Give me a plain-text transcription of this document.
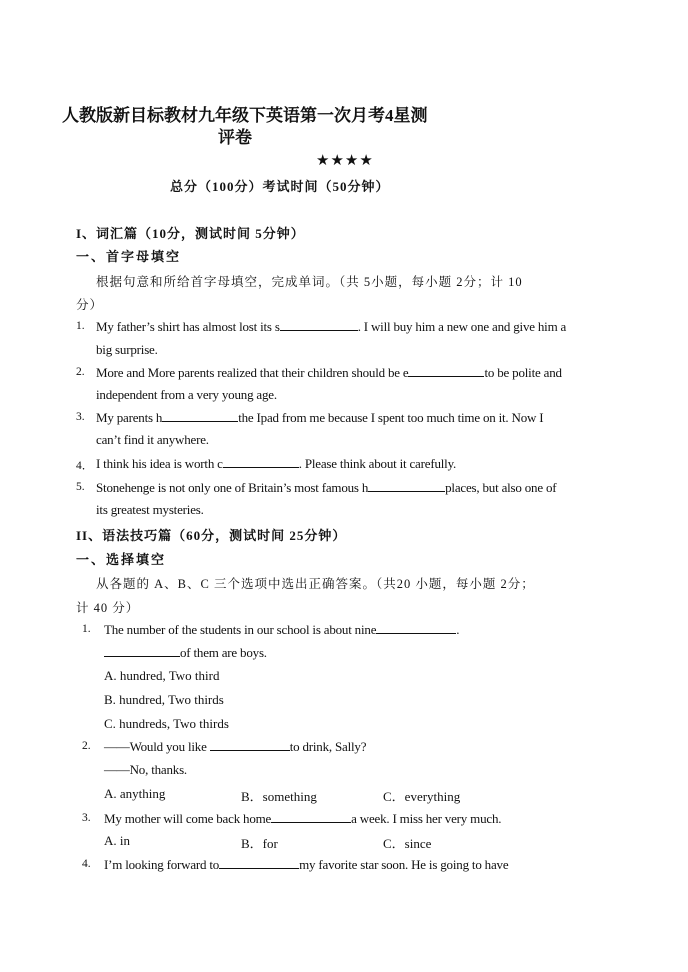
人教版新目标教材九年级下英语第一次月考4星测
评卷
★★★★
总分（100分）考试时间（50分钟）
I、词汇篇（10分，测试时间 5分钟）
一、首字母填空
根据句意和所给首字母填空，完成单词。（共 5小题，每小题 2分；计 10
分）
1. My father’s shirt has almost lost its s	. I will buy him a new one and give him a
big surprise.
2. More and More parents realized that their children should be e	to be polite and
independent from a very young age.
3. My parents h	the Ipad from me because I spent too much time on it. Now I
can’t find it anywhere.
4． I think his idea is worth c	. Please think about it carefully.
5. Stonehenge is not only one of Britain’s most famous h	places, but also one of
its greatest mysteries.
II、语法技巧篇（60分，测试时间 25分钟）
一、选择填空
从各题的 A、B、C 三个选项中选出正确答案。（共20 小题，每小题 2分；
计 40 分）
1. The number of the students in our school is about nine	.
of them are boys.
A. hundred, Two third
B. hundred, Two thirds
C. hundreds, Two thirds
2. ——Would you like	to drink, Sally?
——No, thanks.
A. anything	B．something	C．everything
3. My mother will come back home	a week. I miss her very much.
A. in	B．for	C．since
4. I’m looking forward to	my favorite star soon. He is going to have
